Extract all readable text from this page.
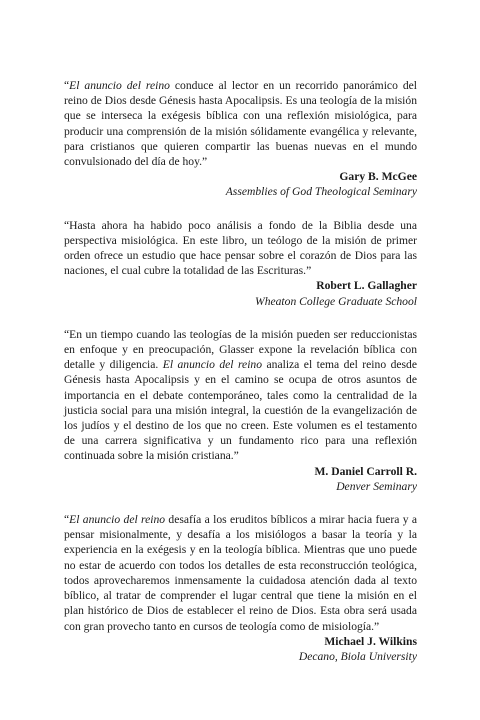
“El anuncio del reino conduce al lector en un recorrido panorámico del reino de Dios desde Génesis hasta Apocalipsis. Es una teología de la misión que se interseca la exégesis bíblica con una reflexión misiológica, para producir una comprensión de la misión sólidamente evangélica y relevante, para cristianos que quieren compartir las buenas nuevas en el mundo convulsionado del día de hoy.”

Gary B. McGee

Assemblies of God Theological Seminary

“Hasta ahora ha habido poco análisis a fondo de la Biblia desde una perspectiva misiológica. En este libro, un teólogo de la misión de primer orden ofrece un estudio que hace pensar sobre el corazón de Dios para las naciones, el cual cubre la totalidad de las Escrituras.”

Robert L. Gallagher

Wheaton College Graduate School

“En un tiempo cuando las teologías de la misión pueden ser reduccionistas en enfoque y en preocupación, Glasser expone la revelación bíblica con detalle y diligencia. El anuncio del reino analiza el tema del reino desde Génesis hasta Apocalipsis y en el camino se ocupa de otros asuntos de importancia en el debate contemporáneo, tales como la centralidad de la justicia social para una misión integral, la cuestión de la evangelización de los judíos y el destino de los que no creen. Este volumen es el testamento de una carrera significativa y un fundamento rico para una reflexión continuada sobre la misión cristiana.”

M. Daniel Carroll R.

Denver Seminary

“El anuncio del reino desafía a los eruditos bíblicos a mirar hacia fuera y a pensar misionalmente, y desafía a los misiólogos a basar la teoría y la experiencia en la exégesis y en la teología bíblica. Mientras que uno puede no estar de acuerdo con todos los detalles de esta reconstrucción teológica, todos aprovecharemos inmensamente la cuidadosa atención dada al texto bíblico, al tratar de comprender el lugar central que tiene la misión en el plan histórico de Dios de establecer el reino de Dios. Esta obra será usada con gran provecho tanto en cursos de teología como de misiología.”

Michael J. Wilkins

Decano, Biola University
